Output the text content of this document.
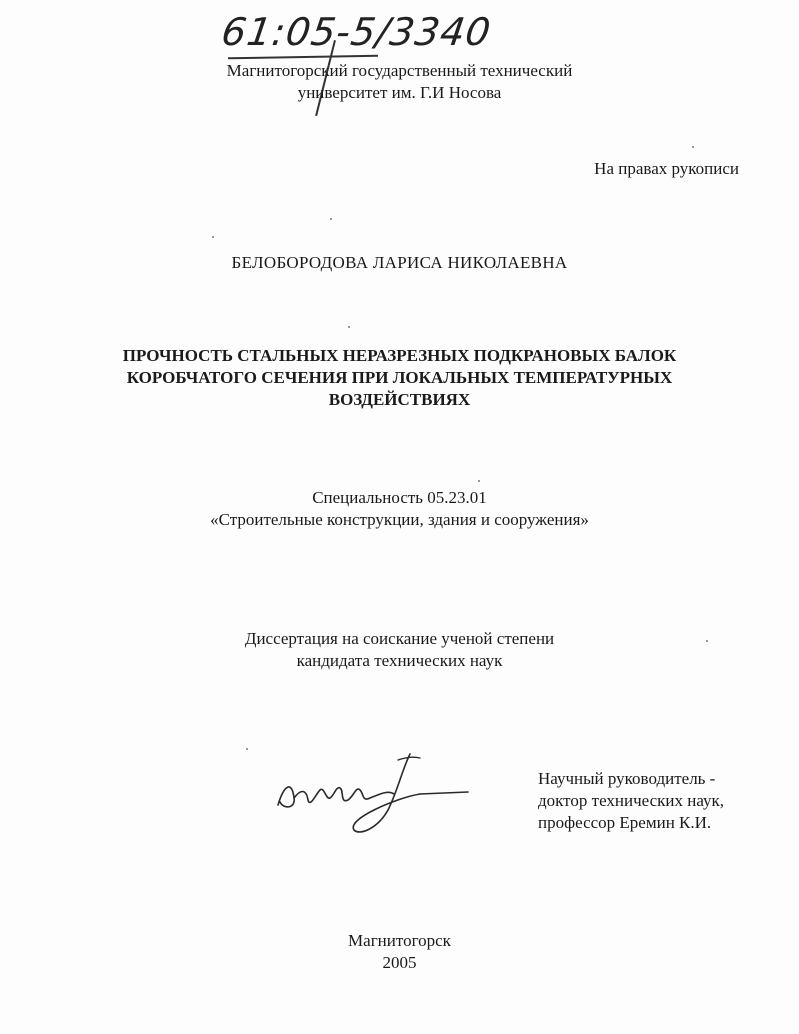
61:05-5/3340
Магнитогорский государственный технический
университет им. Г.И Носова
На правах рукописи
БЕЛОБОРОДОВА ЛАРИСА НИКОЛАЕВНА
ПРОЧНОСТЬ СТАЛЬНЫХ НЕРАЗРЕЗНЫХ ПОДКРАНОВЫХ БАЛОК
КОРОБЧАТОГО СЕЧЕНИЯ ПРИ ЛОКАЛЬНЫХ ТЕМПЕРАТУРНЫХ
ВОЗДЕЙСТВИЯХ
Специальность 05.23.01
«Строительные конструкции, здания и сооружения»
Диссертация на соискание ученой степени
кандидата технических наук
Научный руководитель -
доктор технических наук,
профессор Еремин К.И.
Магнитогорск
2005
